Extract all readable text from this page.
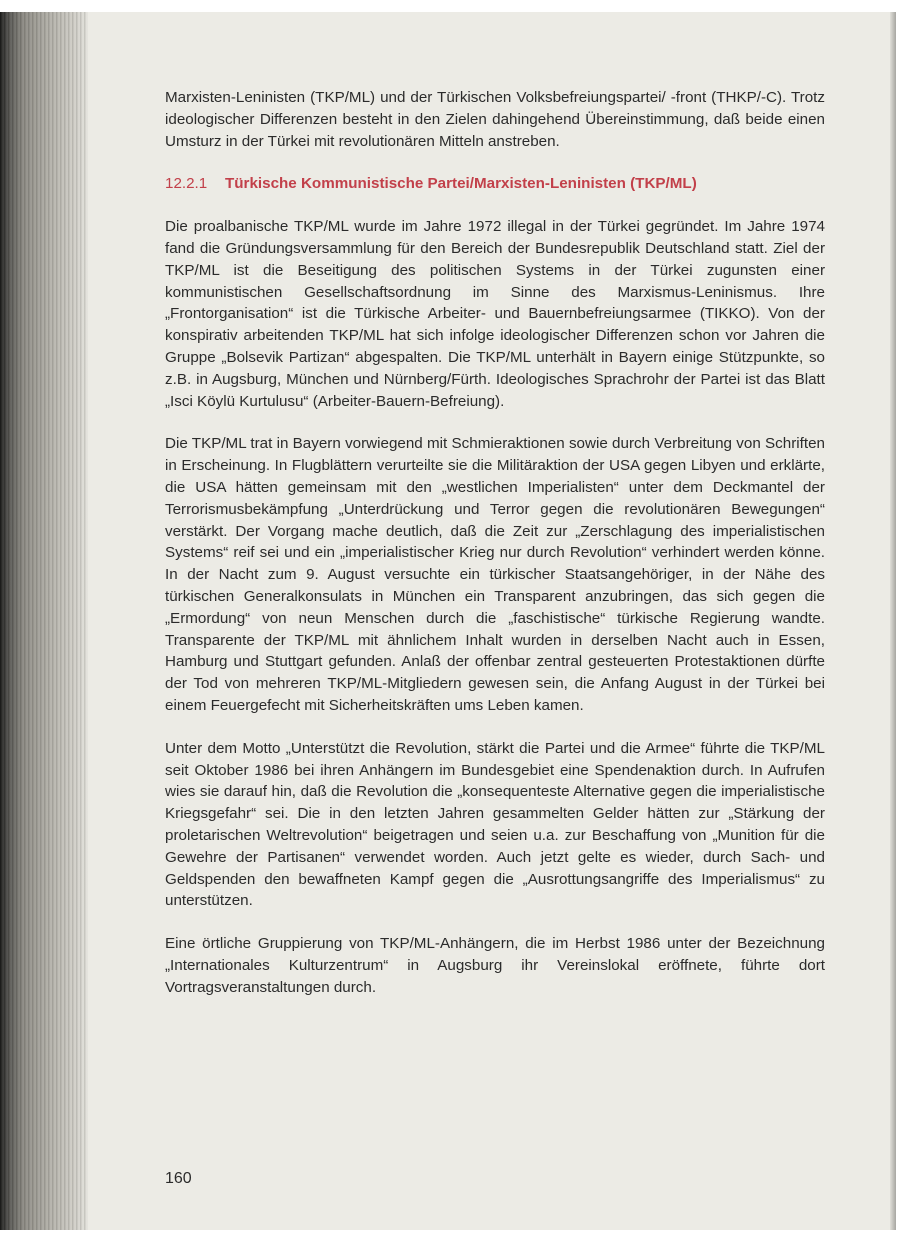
Marxisten-Leninisten (TKP/ML) und der Türkischen Volksbefreiungspartei/ -front (THKP/-C). Trotz ideologischer Differenzen besteht in den Zielen dahingehend Übereinstimmung, daß beide einen Umsturz in der Türkei mit revolutionären Mitteln anstreben.

12.2.1	Türkische Kommunistische Partei/Marxisten-Leninisten (TKP/ML)

Die proalbanische TKP/ML wurde im Jahre 1972 illegal in der Türkei gegründet. Im Jahre 1974 fand die Gründungsversammlung für den Bereich der Bundesrepublik Deutschland statt. Ziel der TKP/ML ist die Beseitigung des politischen Systems in der Türkei zugunsten einer kommunistischen Gesellschaftsordnung im Sinne des Marxismus-Leninismus. Ihre „Frontorganisation“ ist die Türkische Arbeiter- und Bauernbefreiungsarmee (TIKKO). Von der konspirativ arbeitenden TKP/ML hat sich infolge ideologischer Differenzen schon vor Jahren die Gruppe „Bolsevik Partizan“ abgespalten. Die TKP/ML unterhält in Bayern einige Stützpunkte, so z.B. in Augsburg, München und Nürnberg/Fürth. Ideologisches Sprachrohr der Partei ist das Blatt „Isci Köylü Kurtulusu“ (Arbeiter-Bauern-Befreiung).

Die TKP/ML trat in Bayern vorwiegend mit Schmieraktionen sowie durch Verbreitung von Schriften in Erscheinung. In Flugblättern verurteilte sie die Militäraktion der USA gegen Libyen und erklärte, die USA hätten gemeinsam mit den „westlichen Imperialisten“ unter dem Deckmantel der Terrorismusbekämpfung „Unterdrückung und Terror gegen die revolutionären Bewegungen“ verstärkt. Der Vorgang mache deutlich, daß die Zeit zur „Zerschlagung des imperialistischen Systems“ reif sei und ein „imperialistischer Krieg nur durch Revolution“ verhindert werden könne. In der Nacht zum 9. August versuchte ein türkischer Staatsangehöriger, in der Nähe des türkischen Generalkonsulats in München ein Transparent anzubringen, das sich gegen die „Ermordung“ von neun Menschen durch die „faschistische“ türkische Regierung wandte. Transparente der TKP/ML mit ähnlichem Inhalt wurden in derselben Nacht auch in Essen, Hamburg und Stuttgart gefunden. Anlaß der offenbar zentral gesteuerten Protestaktionen dürfte der Tod von mehreren TKP/ML-Mitgliedern gewesen sein, die Anfang August in der Türkei bei einem Feuergefecht mit Sicherheitskräften ums Leben kamen.

Unter dem Motto „Unterstützt die Revolution, stärkt die Partei und die Armee“ führte die TKP/ML seit Oktober 1986 bei ihren Anhängern im Bundesgebiet eine Spendenaktion durch. In Aufrufen wies sie darauf hin, daß die Revolution die „konsequenteste Alternative gegen die imperialistische Kriegsgefahr“ sei. Die in den letzten Jahren gesammelten Gelder hätten zur „Stärkung der proletarischen Weltrevolution“ beigetragen und seien u.a. zur Beschaffung von „Munition für die Gewehre der Partisanen“ verwendet worden. Auch jetzt gelte es wieder, durch Sach- und Geldspenden den bewaffneten Kampf gegen die „Ausrottungsangriffe des Imperialismus“ zu unterstützen.

Eine örtliche Gruppierung von TKP/ML-Anhängern, die im Herbst 1986 unter der Bezeichnung „Internationales Kulturzentrum“ in Augsburg ihr Vereinslokal eröffnete, führte dort Vortragsveranstaltungen durch.

160
